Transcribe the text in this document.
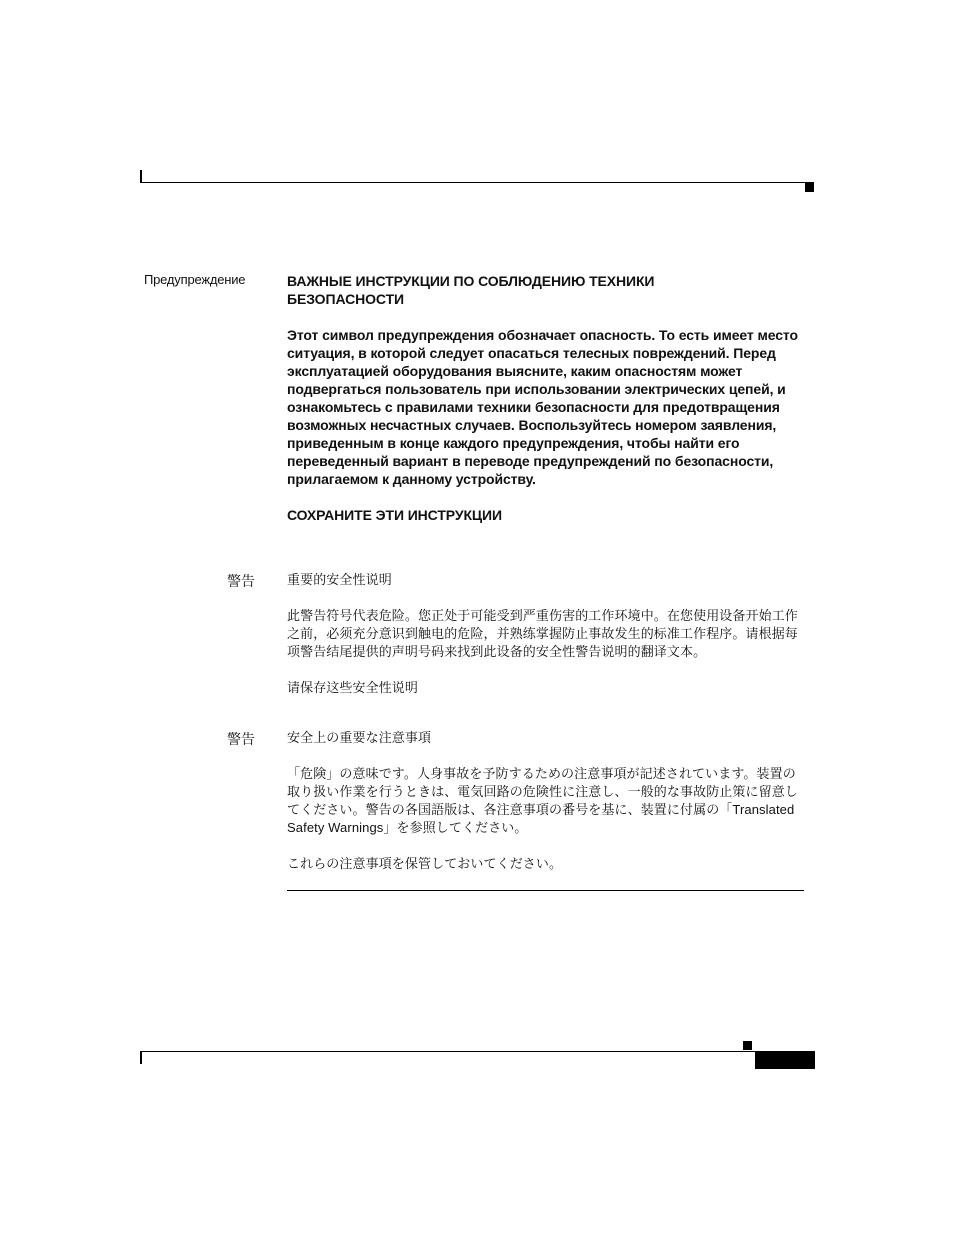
Предупреждение	ВАЖНЫЕ ИНСТРУКЦИИ ПО СОБЛЮДЕНИЮ ТЕХНИКИ БЕЗОПАСНОСТИ

Этот символ предупреждения обозначает опасность. То есть имеет место ситуация, в которой следует опасаться телесных повреждений. Перед эксплуатацией оборудования выясните, каким опасностям может подвергаться пользователь при использовании электрических цепей, и ознакомьтесь с правилами техники безопасности для предотвращения возможных несчастных случаев. Воспользуйтесь номером заявления, приведенным в конце каждого предупреждения, чтобы найти его переведенный вариант в переводе предупреждений по безопасности, прилагаемом к данному устройству.

СОХРАНИТЕ ЭТИ ИНСТРУКЦИИ

警告 重要的安全性说明

此警告符号代表危险。您正处于可能受到严重伤害的工作环境中。在您使用设备开始工作之前，必须充分意识到触电的危险，并熟练掌握防止事故发生的标准工作程序。请根据每项警告结尾提供的声明号码来找到此设备的安全性警告说明的翻译文本。

请保存这些安全性说明

警告 安全上の重要な注意事項

「危険」の意味です。人身事故を予防するための注意事項が記述されています。装置の取り扱い作業を行うときは、電気回路の危険性に注意し、一般的な事故防止策に留意してください。警告の各国語版は、各注意事項の番号を基に、装置に付属の「Translated Safety Warnings」を参照してください。

これらの注意事項を保管しておいてください。
